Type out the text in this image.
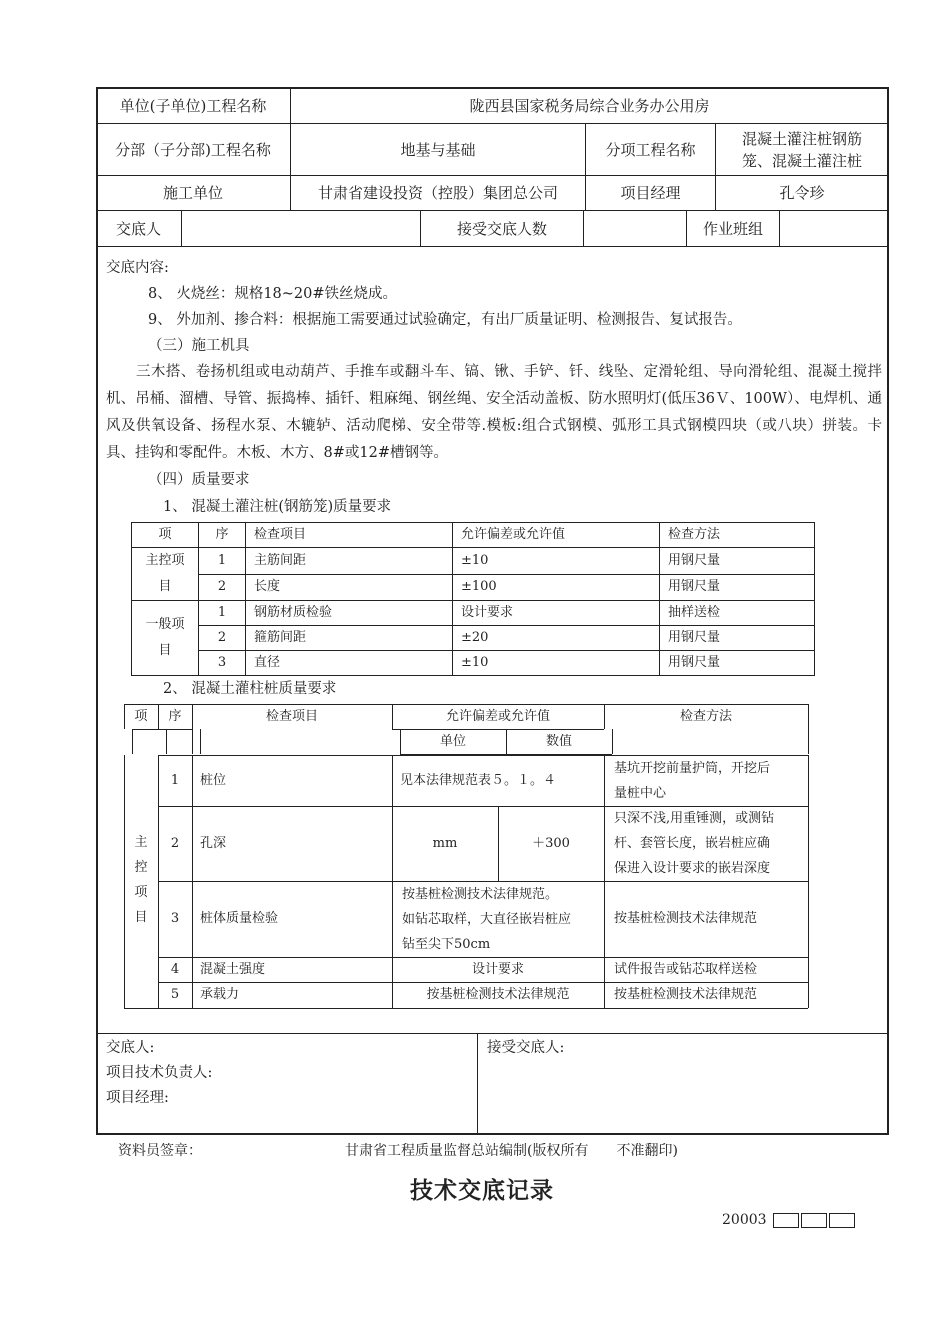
单位(子单位)工程名称	陇西县国家税务局综合业务办公用房
分部（子分部)工程名称	地基与基础	分项工程名称
混凝土灌注桩钢筋
笼、混凝土灌注桩
施工单位	甘肃省建设投资（控股）集团总公司	项目经理	孔令珍
交底人	接受交底人数	作业班组
交底内容:
8、 火烧丝：规格18~20#铁丝烧成。
9、 外加剂、掺合料：根据施工需要通过试验确定，有出厂质量证明、检测报告、复试报告。
（三）施工机具
三木搭、卷扬机组或电动葫芦、手推车或翻斗车、镐、锹、手铲、钎、线坠、定滑轮组、导向滑轮组、混凝土搅拌机、吊桶、溜槽、导管、振捣棒、插钎、粗麻绳、钢丝绳、安全活动盖板、防水照明灯(低压36Ｖ、100W）、电焊机、通风及供氧设备、扬程水泵、木辘轳、活动爬梯、安全带等.模板:组合式钢模、弧形工具式钢模四块（或八块）拼装。卡具、挂钩和零配件。木板、木方、8#或12#槽钢等。
（四）质量要求
1、 混凝土灌注桩(钢筋笼)质量要求
项	序	检查项目	允许偏差或允许值	检查方法
主控项
目	1	主筋间距	±10	用钢尺量
	2	长度	±100	用钢尺量
一般项
目	1	钢筋材质检验	设计要求	抽样送检
	2	箍筋间距	±20	用钢尺量
	3	直径	±10	用钢尺量
2、 混凝土灌柱桩质量要求
项	序	检查项目	允许偏差或允许值	检查方法
单位	数值
主
控
项
目
1	桩位	见本法律规范表５。１。４
基坑开挖前量护筒，开挖后
量桩中心
2	孔深	mm	＋300
只深不浅,用重锤测，或测钻
杆、套管长度，嵌岩桩应确
保进入设计要求的嵌岩深度
3	桩体质量检验
按基桩检测技术法律规范。
如钻芯取样，大直径嵌岩桩应
钻至尖下50cm
按基桩检测技术法律规范
4	混凝土强度	设计要求	试件报告或钻芯取样送检
5	承载力	按基桩检测技术法律规范	按基桩检测技术法律规范
交底人:
项目技术负责人:
项目经理:
接受交底人:
资料员签章：	甘肃省工程质量监督总站编制(版权所有　　不准翻印)
技术交底记录
20003
